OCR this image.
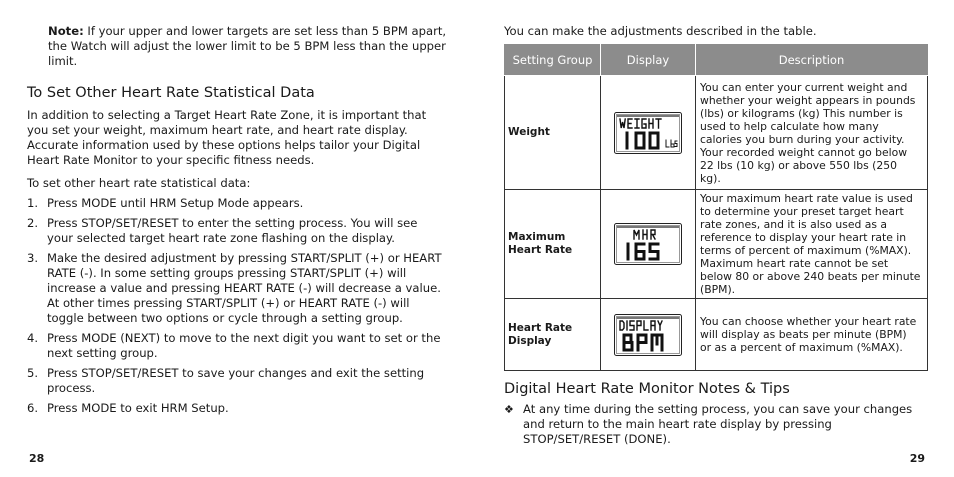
Note: If your upper and lower targets are set less than 5 BPM apart, the Watch will adjust the lower limit to be 5 BPM less than the upper limit.
To Set Other Heart Rate Statistical Data

In addition to selecting a Target Heart Rate Zone, it is important that you set your weight, maximum heart rate, and heart rate display. Accurate information used by these options helps tailor your Digital Heart Rate Monitor to your specific fitness needs.

To set other heart rate statistical data:

1. Press MODE until HRM Setup Mode appears.
2. Press STOP/SET/RESET to enter the setting process. You will see your selected target heart rate zone flashing on the display.
3. Make the desired adjustment by pressing START/SPLIT (+) or HEART RATE (-). In some setting groups pressing START/SPLIT (+) will increase a value and pressing HEART RATE (-) will decrease a value. At other times pressing START/SPLIT (+) or HEART RATE (-) will toggle between two options or cycle through a setting group.
4. Press MODE (NEXT) to move to the next digit you want to set or the next setting group.
5. Press STOP/SET/RESET to save your changes and exit the setting process.
6. Press MODE to exit HRM Setup.
28

You can make the adjustments described in the table.

Setting Group	Display	Description
Weight		You can enter your current weight and whether your weight appears in pounds (lbs) or kilograms (kg) This number is used to help calculate how many calories you burn during your activity. Your recorded weight cannot go below 22 lbs (10 kg) or above 550 lbs (250 kg).
Maximum Heart Rate		Your maximum heart rate value is used to determine your preset target heart rate zones, and it is also used as a reference to display your heart rate in terms of percent of maximum (%MAX). Maximum heart rate cannot be set below 80 or above 240 beats per minute (BPM).
Heart Rate Display		You can choose whether your heart rate will display as beats per minute (BPM) or as a percent of maximum (%MAX).
Digital Heart Rate Monitor Notes & Tips
❖ At any time during the setting process, you can save your changes and return to the main heart rate display by pressing STOP/SET/RESET (DONE).
29
